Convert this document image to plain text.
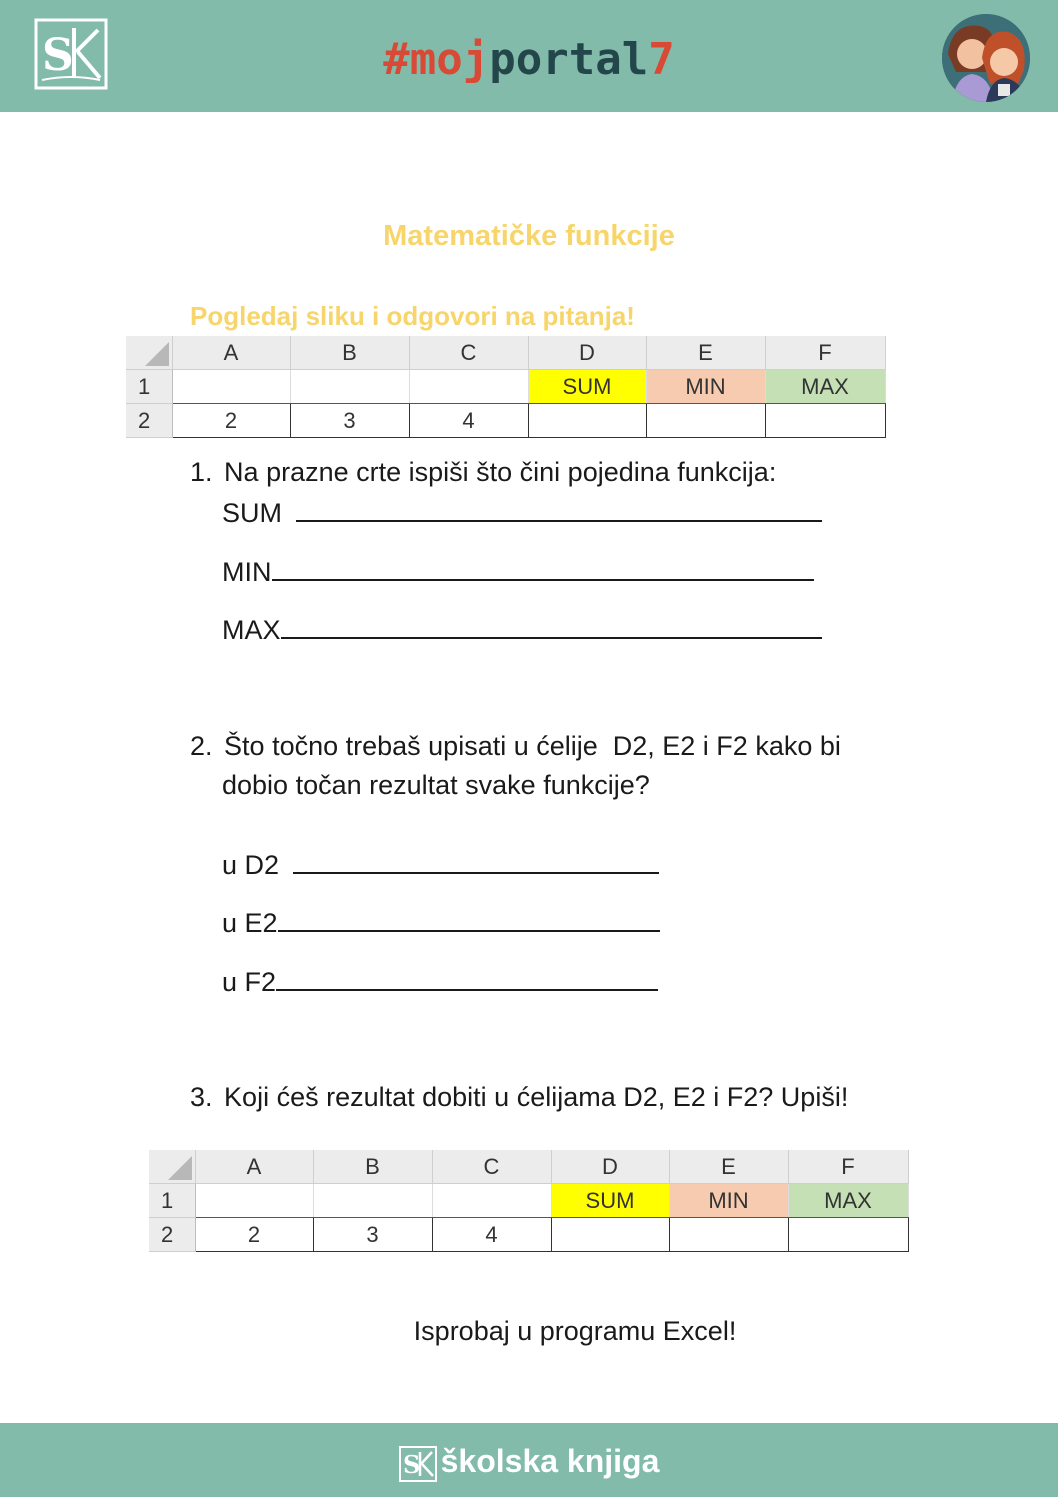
S	#mojportal7
Matematičke funkcije
Pogledaj sliku i odgovori na pitanja!
	A	B	C	D	E	F
1				SUM	MIN	MAX
2	2	3	4			
1. Na prazne crte ispiši što čini pojedina funkcija:
SUM
MIN
MAX
2. Što točno trebaš upisati u ćelije  D2, E2 i F2 kako bi
dobio točan rezultat svake funkcije?
u D2
u E2
u F2
3. Koji ćeš rezultat dobiti u ćelijama D2, E2 i F2? Upiši!
	A	B	C	D	E	F
1				SUM	MIN	MAX
2	2	3	4			
Isprobaj u programu Excel!
S školska knjiga
